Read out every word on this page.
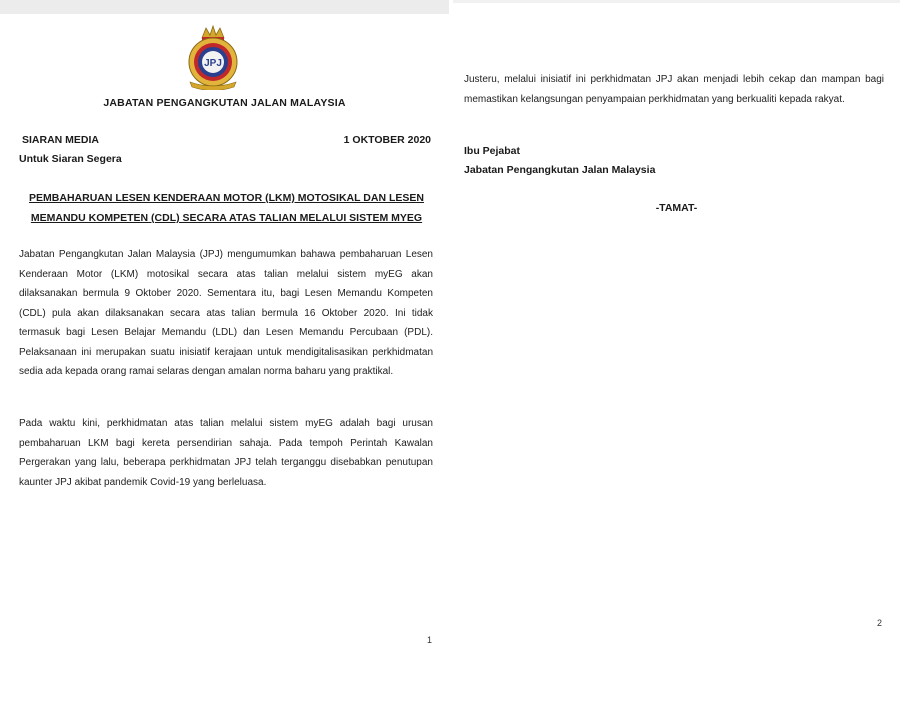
JPJ
JABATAN PENGANGKUTAN JALAN MALAYSIA
SIARAN MEDIA	1 OKTOBER 2020
Untuk Siaran Segera
PEMBAHARUAN LESEN KENDERAAN MOTOR (LKM) MOTOSIKAL DAN LESEN MEMANDU KOMPETEN (CDL) SECARA ATAS TALIAN MELALUI SISTEM MYEG
Jabatan Pengangkutan Jalan Malaysia (JPJ) mengumumkan bahawa pembaharuan Lesen Kenderaan Motor (LKM) motosikal secara atas talian melalui sistem myEG akan dilaksanakan bermula 9 Oktober 2020. Sementara itu, bagi Lesen Memandu Kompeten (CDL) pula akan dilaksanakan secara atas talian bermula 16 Oktober 2020. Ini tidak termasuk bagi Lesen Belajar Memandu (LDL) dan Lesen Memandu Percubaan (PDL). Pelaksanaan ini merupakan suatu inisiatif kerajaan untuk mendigitalisasikan perkhidmatan sedia ada kepada orang ramai selaras dengan amalan norma baharu yang praktikal.
Pada waktu kini, perkhidmatan atas talian melalui sistem myEG adalah bagi urusan pembaharuan LKM bagi kereta persendirian sahaja. Pada tempoh Perintah Kawalan Pergerakan yang lalu, beberapa perkhidmatan JPJ telah terganggu disebabkan penutupan kaunter JPJ akibat pandemik Covid-19 yang berleluasa.
1
Justeru, melalui inisiatif ini perkhidmatan JPJ akan menjadi lebih cekap dan mampan bagi memastikan kelangsungan penyampaian perkhidmatan yang berkualiti kepada rakyat.
Ibu Pejabat
Jabatan Pengangkutan Jalan Malaysia
-TAMAT-
2
